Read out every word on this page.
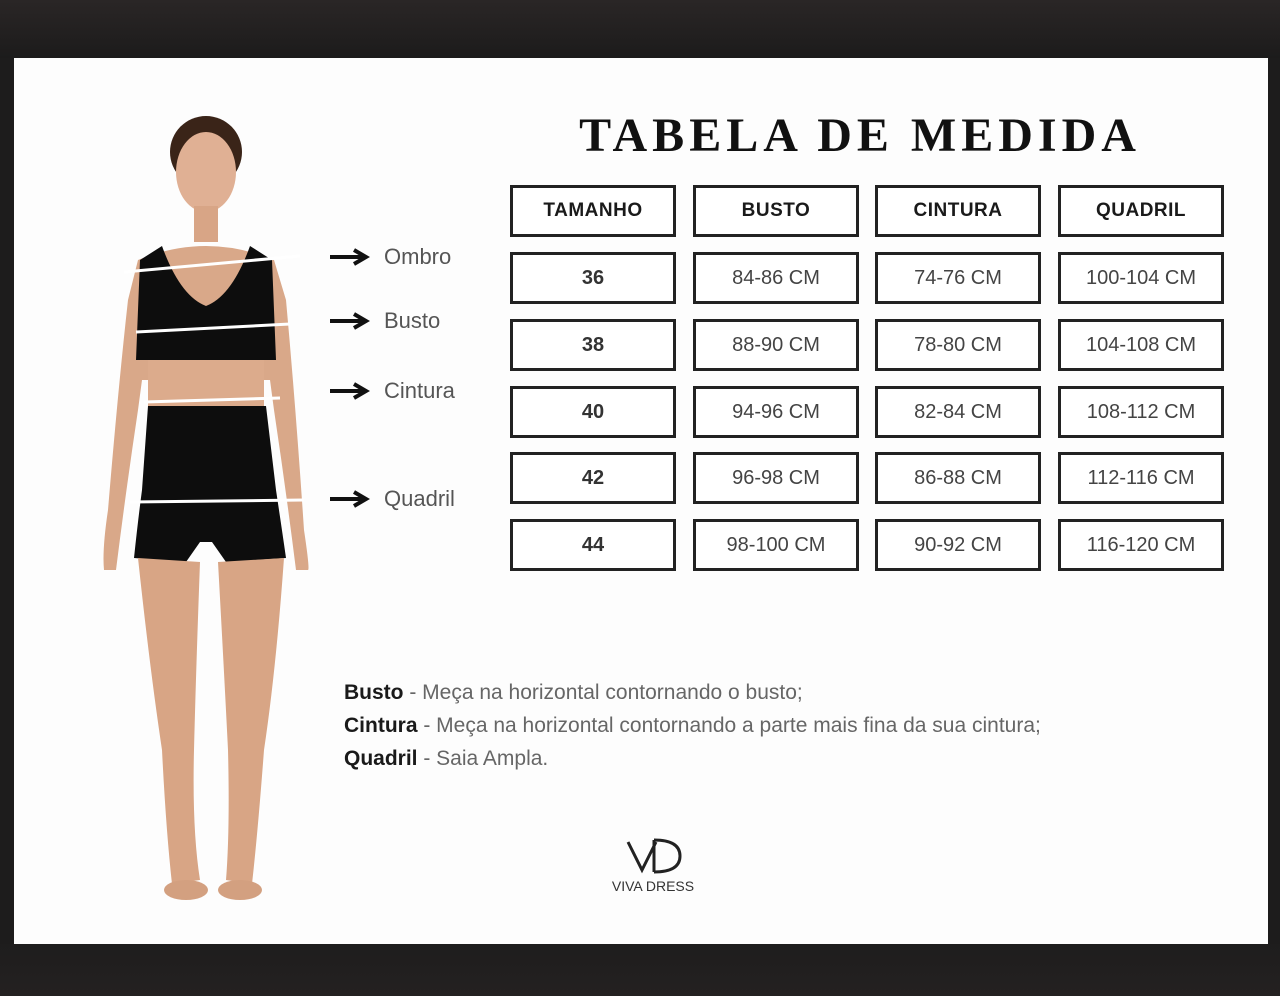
TABELA DE MEDIDA
TAMANHO	BUSTO	CINTURA	QUADRIL
36	84-86 CM	74-76 CM	100-104 CM
38	88-90 CM	78-80 CM	104-108 CM
40	94-96 CM	82-84 CM	108-112 CM
42	96-98 CM	86-88 CM	112-116 CM
44	98-100 CM	90-92 CM	116-120 CM
Ombro
Busto
Cintura
Quadril
Busto - Meça na horizontal contornando o busto;
Cintura - Meça na horizontal contornando a parte mais fina da sua cintura;
Quadril - Saia Ampla.
VIVA DRESS
